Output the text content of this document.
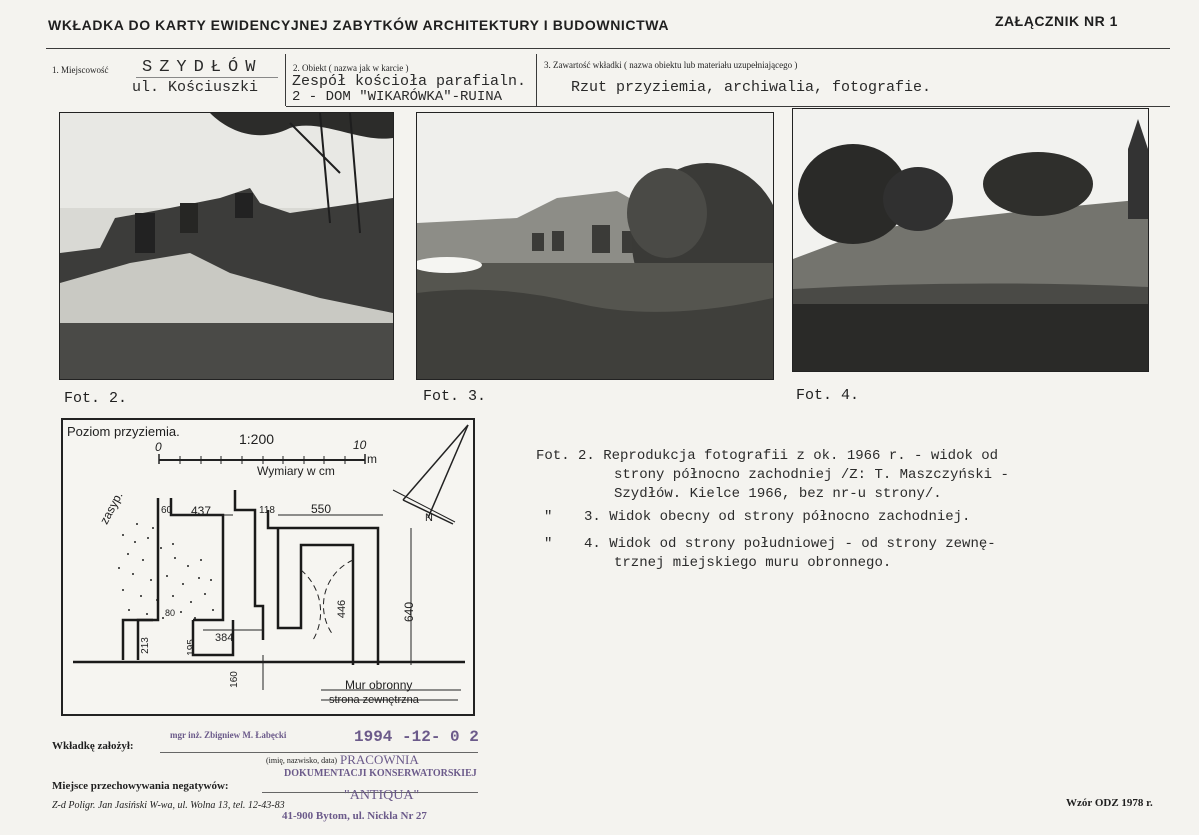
WKŁADKA DO KARTY EWIDENCYJNEJ ZABYTKÓW ARCHITEKTURY I BUDOWNICTWA	ZAŁĄCZNIK NR 1
1. Miejscowość SZYDŁÓW
ul. Kościuszki
2. Obiekt ( nazwa jak w karcie )
Zespół kościoła parafialn.
2 - DOM "WIKARÓWKA"-RUINA
3. Zawartość wkładki ( nazwa obiektu lub materiału uzupełniającego )
Rzut przyziemia, archiwalia, fotografie.
Fot. 2.	Fot. 3.	Fot. 4.
Poziom przyziemia.	1:200
0	10
m
Wymiary w cm
zasyp.	N
60 437	118	550
640
446
384
195
213
160
80
Mur obronny
strona zewnętrzna
Fot. 2. Reprodukcja fotografii z ok. 1966 r. - widok od
strony północno zachodniej /Z: T. Maszczyński -
Szydłów. Kielce 1966, bez nr-u strony/.
" 3. Widok obecny od strony północno zachodniej.
" 4. Widok od strony południowej - od strony zewnę-
trznej miejskiego muru obronnego.
Wkładkę założył:
mgr inż. Zbigniew M. Łabęcki	1994 -12- 0 2
(imię, nazwisko, data)
Miejsce przechowywania negatywów:
PRACOWNIA
DOKUMENTACJI KONSERWATORSKIEJ
"ANTIQUA"
41-900 Bytom, ul. Nickla Nr 27
Z-d Poligr. Jan Jasiński W-wa, ul. Wolna 13, tel. 12-43-83	Wzór ODZ 1978 r.
